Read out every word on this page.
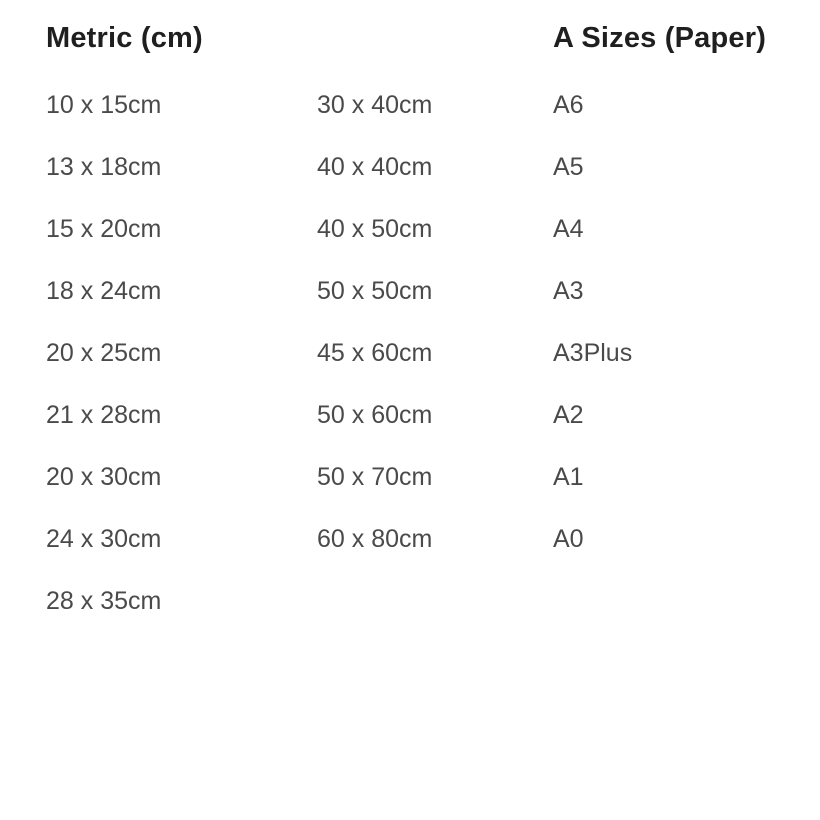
Metric (cm)	A Sizes (Paper)
10 x 15cm
13 x 18cm
15 x 20cm
18 x 24cm
20 x 25cm
21 x 28cm
20 x 30cm
24 x 30cm
28 x 35cm
30 x 40cm
40 x 40cm
40 x 50cm
50 x 50cm
45 x 60cm
50 x 60cm
50 x 70cm
60 x 80cm
A6
A5
A4
A3
A3Plus
A2
A1
A0
